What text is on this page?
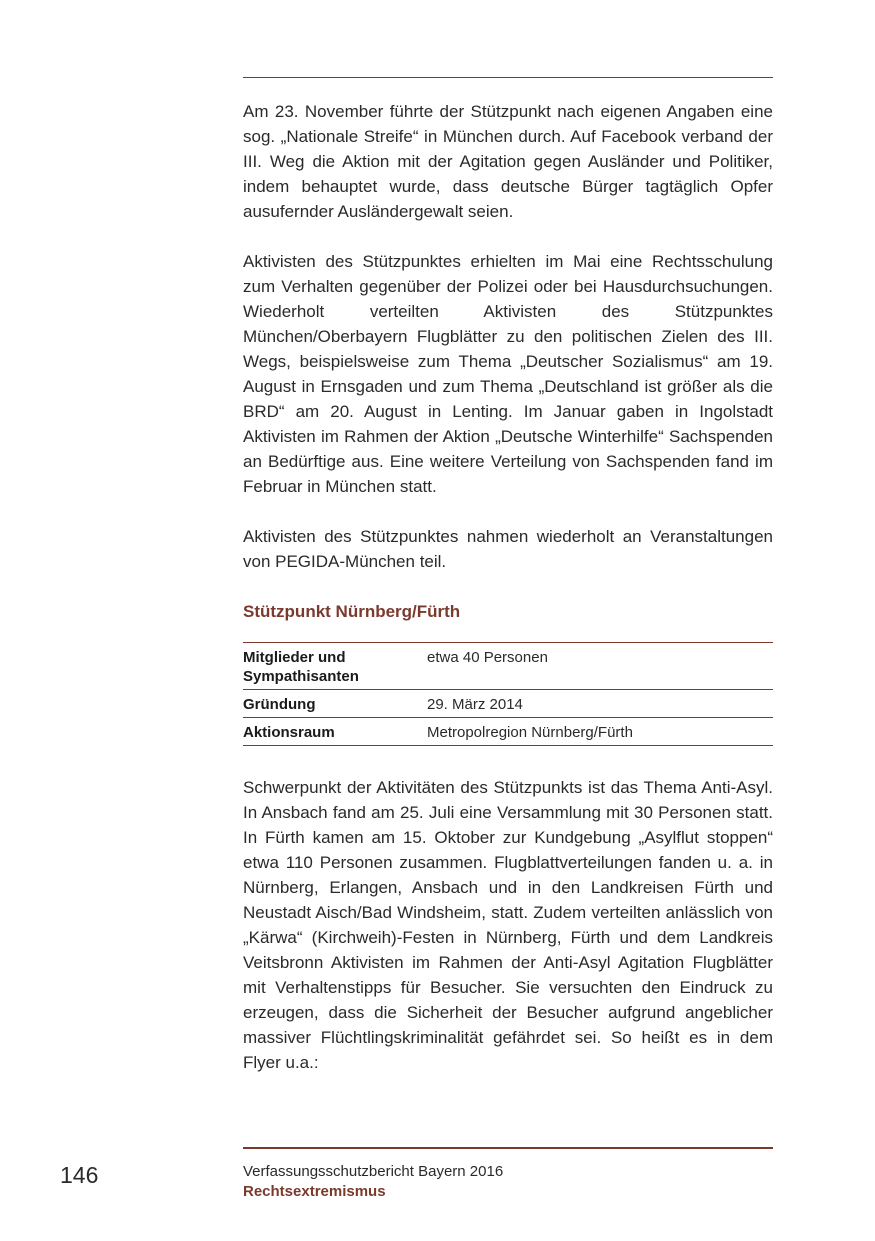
Am 23. November führte der Stützpunkt nach eigenen Angaben eine sog. „Nationale Streife“ in München durch. Auf Facebook verband der III. Weg die Aktion mit der Agitation gegen Ausländer und Politiker, indem behauptet wurde, dass deutsche Bürger tagtäglich Opfer ausufernder Ausländergewalt seien.

Aktivisten des Stützpunktes erhielten im Mai eine Rechtsschulung zum Verhalten gegenüber der Polizei oder bei Hausdurchsuchungen. Wiederholt verteilten Aktivisten des Stützpunktes München/Oberbayern Flugblätter zu den politischen Zielen des III. Wegs, beispielsweise zum Thema „Deutscher Sozialismus“ am 19. August in Ernsgaden und zum Thema „Deutschland ist größer als die BRD“ am 20. August in Lenting. Im Januar gaben in Ingolstadt Aktivisten im Rahmen der Aktion „Deutsche Winterhilfe“ Sachspenden an Bedürftige aus. Eine weitere Verteilung von Sachspenden fand im Februar in München statt.

Aktivisten des Stützpunktes nahmen wiederholt an Veranstaltungen von PEGIDA-München teil.

Stützpunkt Nürnberg/Fürth
Mitglieder und Sympathisanten	etwa 40 Personen
Gründung	29. März 2014
Aktionsraum	Metropolregion Nürnberg/Fürth

Schwerpunkt der Aktivitäten des Stützpunkts ist das Thema Anti-Asyl. In Ansbach fand am 25. Juli eine Versammlung mit 30 Personen statt. In Fürth kamen am 15. Oktober zur Kundgebung „Asylflut stoppen“ etwa 110 Personen zusammen. Flugblattverteilungen fanden u. a. in Nürnberg, Erlangen, Ansbach und in den Landkreisen Fürth und Neustadt Aisch/Bad Windsheim, statt. Zudem verteilten anlässlich von „Kärwa“ (Kirchweih)-Festen in Nürnberg, Fürth und dem Landkreis Veitsbronn Aktivisten im Rahmen der Anti-Asyl Agitation Flugblätter mit Verhaltenstipps für Besucher. Sie versuchten den Eindruck zu erzeugen, dass die Sicherheit der Besucher aufgrund angeblicher massiver Flüchtlingskriminalität gefährdet sei. So heißt es in dem Flyer u.a.:

146	Verfassungsschutzbericht Bayern 2016
Rechtsextremismus
